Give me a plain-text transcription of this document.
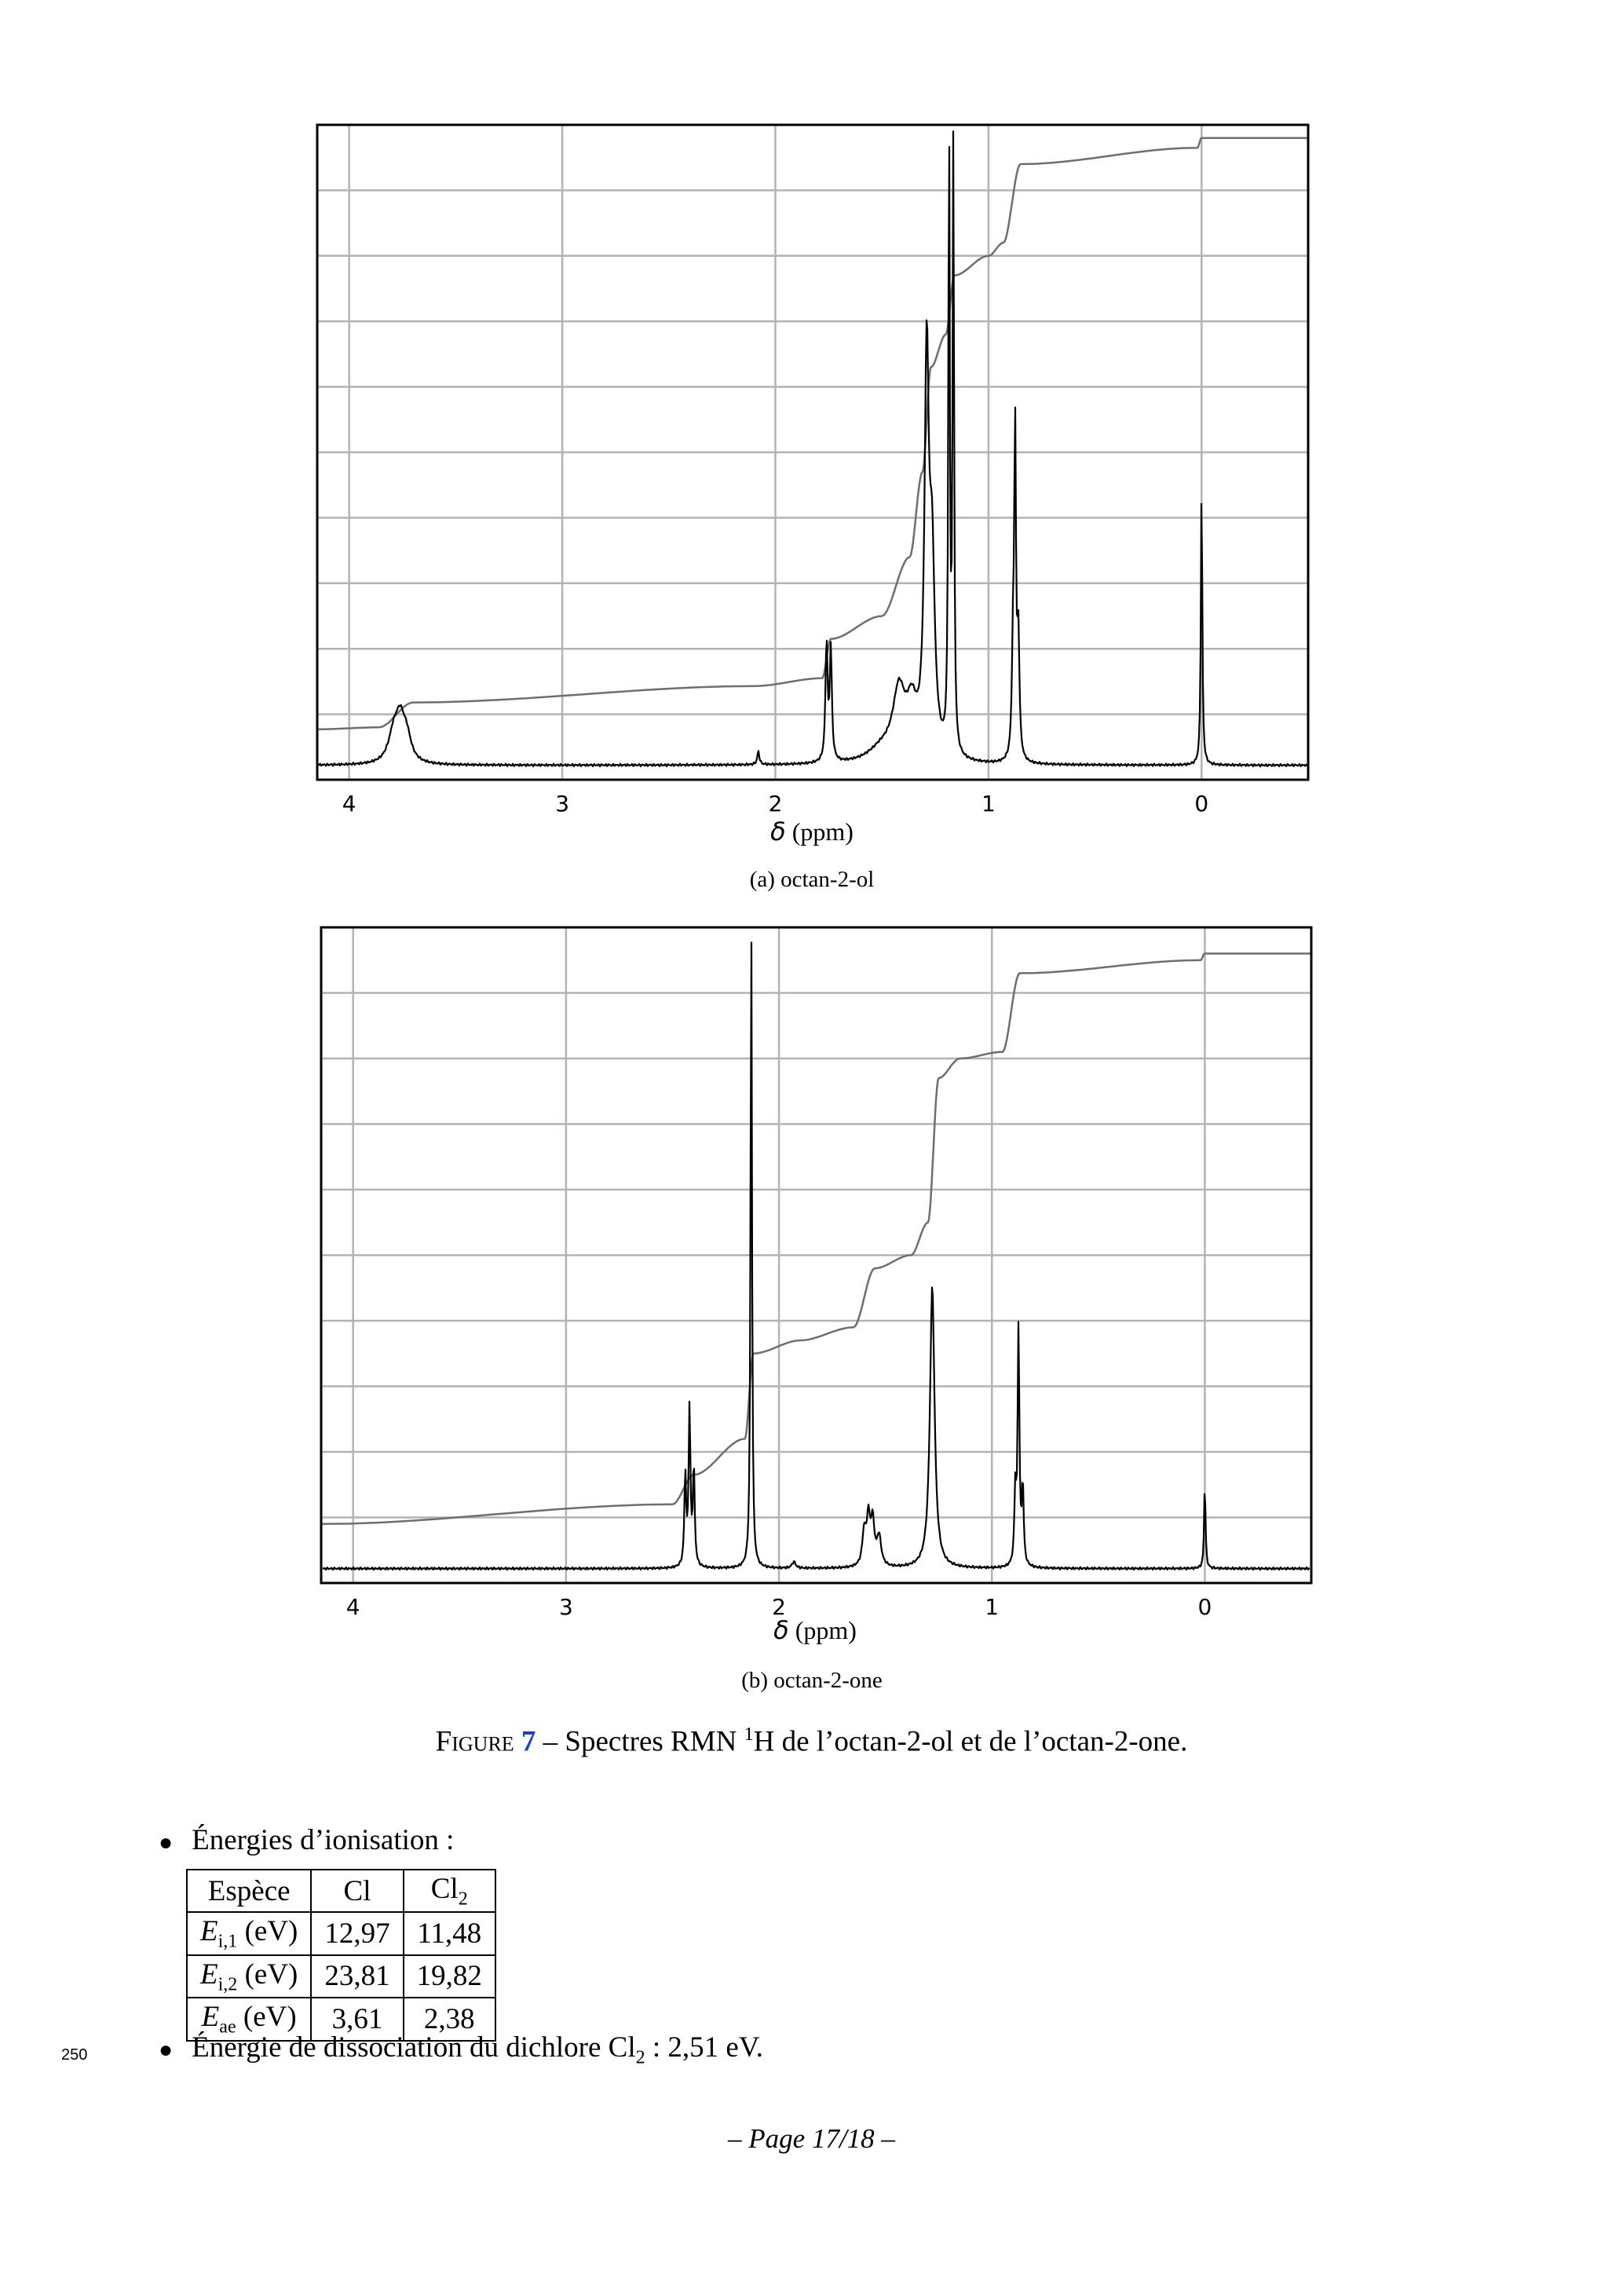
4	3	2	1	0
δ (ppm)
(a) octan-2-ol
4	3	2	1	0
δ (ppm)
(b) octan-2-one
Figure 7 – Spectres RMN $^1$H de l’octan-2-ol et de l’octan-2-one.
● Énergies d’ionisation :
Espèce	Cl	$Cl_2$
$E_{i,1}$ (eV)	12,97	11,48
$E_{i,2}$ (eV)	23,81	19,82
$E_{ae}$ (eV)	3,61	2,38
250	● Énergie de dissociation du dichlore $Cl_2$ : 2,51 eV.
– Page 17/18 –
